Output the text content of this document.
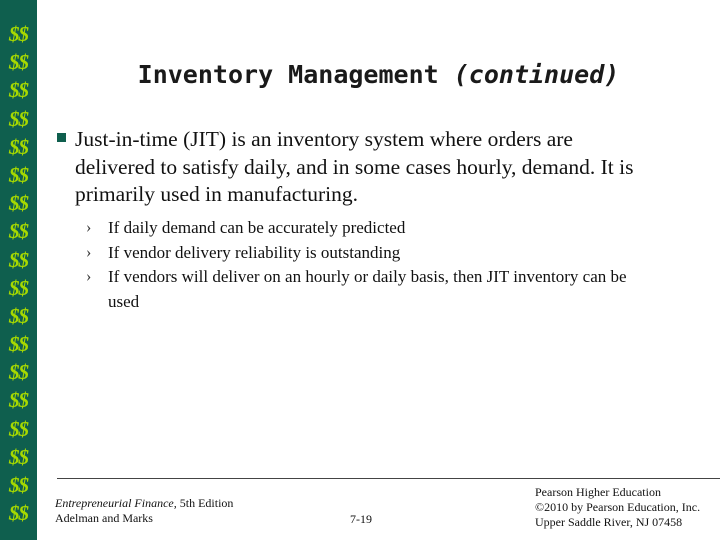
$$
$$
$$
$$
$$
$$
$$
$$
$$
$$
$$
$$
$$
$$
$$
$$
$$
$$
Inventory Management (continued)
Just-in-time (JIT) is an inventory system where orders are delivered to satisfy daily, and in some cases hourly, demand. It is primarily used in manufacturing.
› If daily demand can be accurately predicted
› If vendor delivery reliability is outstanding
› If vendors will deliver on an hourly or daily basis, then JIT inventory can be used
Entrepreneurial Finance, 5th Edition
Adelman and Marks	7-19
Pearson Higher Education
©2010 by Pearson Education, Inc.
Upper Saddle River, NJ 07458
